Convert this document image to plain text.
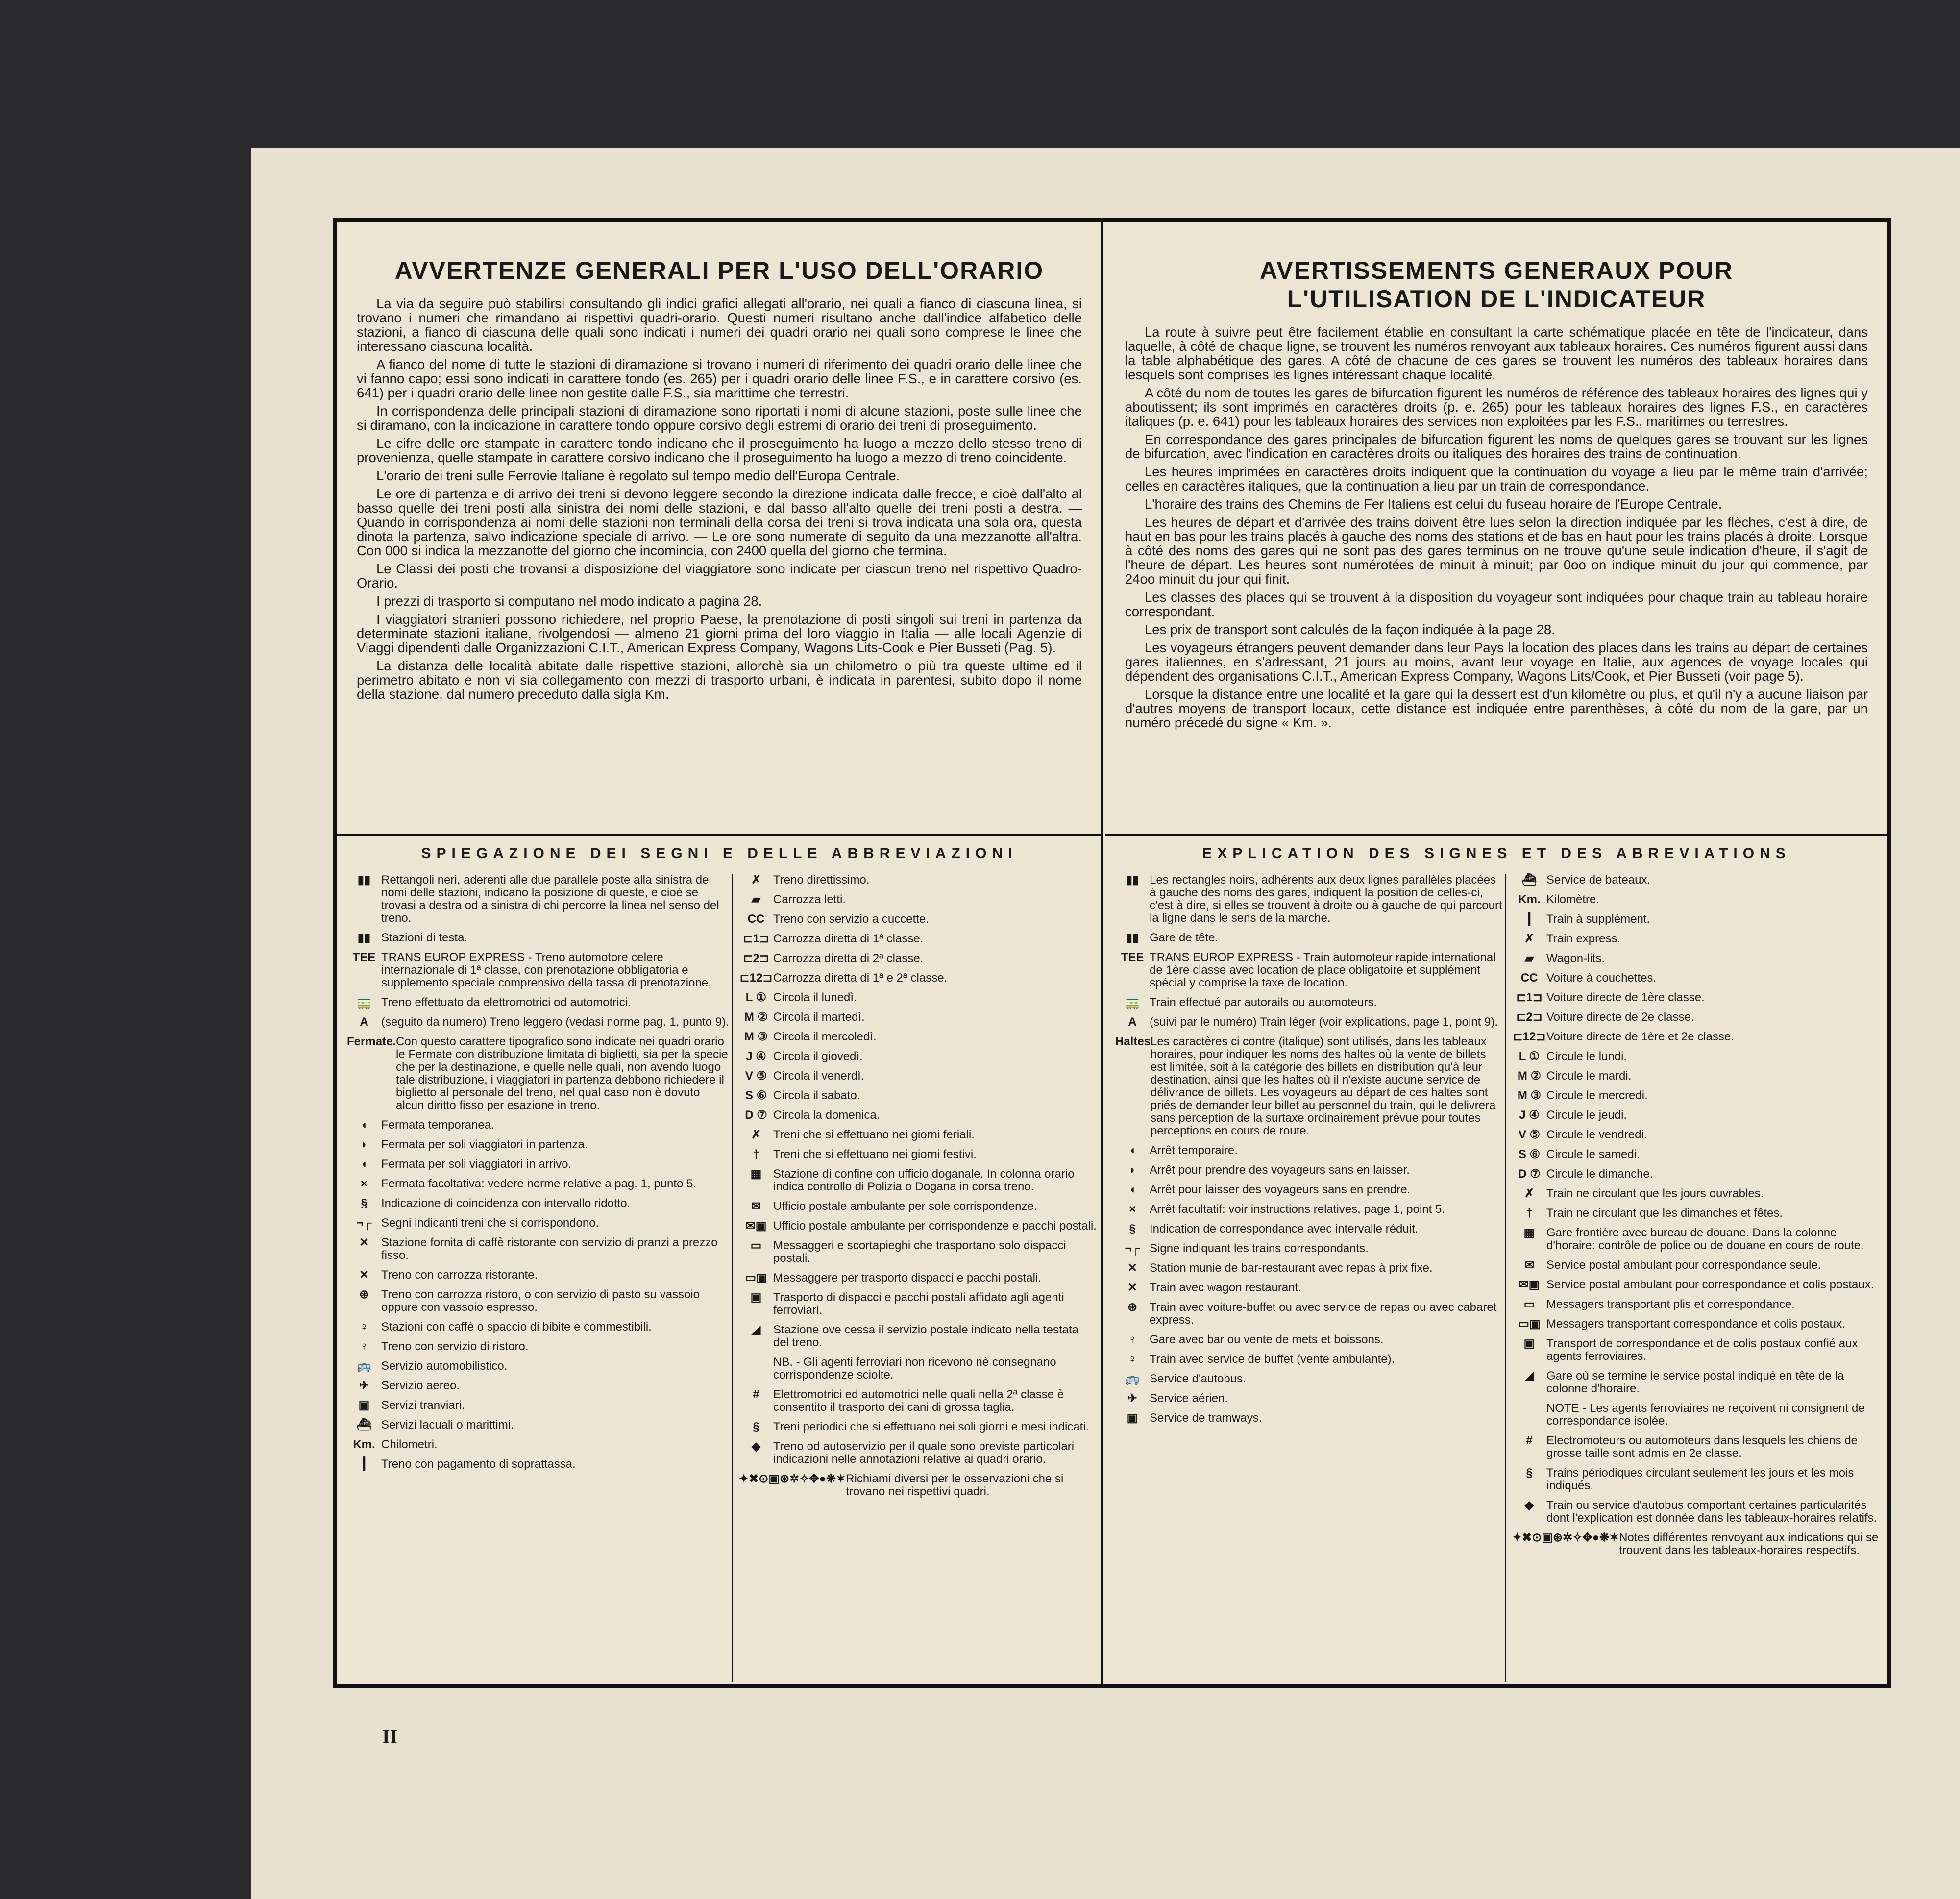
AVVERTENZE GENERALI PER L'USO DELL'ORARIO

La via da seguire può stabilirsi consultando gli indici grafici allegati all'orario, nei quali a fianco di ciascuna linea, si trovano i numeri che rimandano ai rispettivi quadri-orario. Questi numeri risultano anche dall'indice alfabetico delle stazioni, a fianco di ciascuna delle quali sono indicati i numeri dei quadri orario nei quali sono comprese le linee che interessano ciascuna località.

A fianco del nome di tutte le stazioni di diramazione si trovano i numeri di riferimento dei quadri orario delle linee che vi fanno capo; essi sono indicati in carattere tondo (es. 265) per i quadri orario delle linee F.S., e in carattere corsivo (es. 641) per i quadri orario delle linee non gestite dalle F.S., sia marittime che terrestri.

In corrispondenza delle principali stazioni di diramazione sono riportati i nomi di alcune stazioni, poste sulle linee che si diramano, con la indicazione in carattere tondo oppure corsivo degli estremi di orario dei treni di proseguimento.

Le cifre delle ore stampate in carattere tondo indicano che il proseguimento ha luogo a mezzo dello stesso treno di provenienza, quelle stampate in carattere corsivo indicano che il proseguimento ha luogo a mezzo di treno coincidente.

L'orario dei treni sulle Ferrovie Italiane è regolato sul tempo medio dell'Europa Centrale.

Le ore di partenza e di arrivo dei treni si devono leggere secondo la direzione indicata dalle frecce, e cioè dall'alto al basso quelle dei treni posti alla sinistra dei nomi delle stazioni, e dal basso all'alto quelle dei treni posti a destra. — Quando in corrispondenza ai nomi delle stazioni non terminali della corsa dei treni si trova indicata una sola ora, questa dinota la partenza, salvo indicazione speciale di arrivo. — Le ore sono numerate di seguito da una mezzanotte all'altra. Con 000 si indica la mezzanotte del giorno che incomincia, con 2400 quella del giorno che termina.

Le Classi dei posti che trovansi a disposizione del viaggiatore sono indicate per ciascun treno nel rispettivo Quadro-Orario.

I prezzi di trasporto si computano nel modo indicato a pagina 28.

I viaggiatori stranieri possono richiedere, nel proprio Paese, la prenotazione di posti singoli sui treni in partenza da determinate stazioni italiane, rivolgendosi — almeno 21 giorni prima del loro viaggio in Italia — alle locali Agenzie di Viaggi dipendenti dalle Organizzazioni C.I.T., American Express Company, Wagons Lits-Cook e Pier Busseti (Pag. 5).

La distanza delle località abitate dalle rispettive stazioni, allorchè sia un chilometro o più tra queste ultime ed il perimetro abitato e non vi sia collegamento con mezzi di trasporto urbani, è indicata in parentesi, subito dopo il nome della stazione, dal numero preceduto dalla sigla Km.

SPIEGAZIONE DEI SEGNI E DELLE ABBREVIAZIONI
▮▮ Rettangoli neri, aderenti alle due parallele poste alla sinistra dei nomi delle stazioni, indicano la posizione di queste, e cioè se trovasi a destra od a sinistra di chi percorre la linea nel senso del treno.
▮▮ Stazioni di testa.
TEE TRANS EUROP EXPRESS - Treno automotore celere internazionale di 1ª classe, con prenotazione obbligatoria e supplemento speciale comprensivo della tassa di prenotazione.
🚃 Treno effettuato da elettromotrici od automotrici.
A	(seguito da numero) Treno leggero (vedasi norme pag. 1, punto 9).
Fermate. Con questo carattere tipografico sono indicate nei quadri orario le Fermate con distribuzione limitata di biglietti, sia per la specie che per la destinazione, e quelle nelle quali, non avendo luogo tale distribuzione, i viaggiatori in partenza debbono richiedere il biglietto al personale del treno, nel qual caso non è dovuto alcun diritto fisso per esazione in treno.
◖	Fermata temporanea.
◗	Fermata per soli viaggiatori in partenza.
◖	Fermata per soli viaggiatori in arrivo.
×	Fermata facoltativa: vedere norme relative a pag. 1, punto 5.
§	Indicazione di coincidenza con intervallo ridotto.
¬┌ Segni indicanti treni che si corrispondono.
✕	Stazione fornita di caffè ristorante con servizio di pranzi a prezzo fisso.
✕	Treno con carrozza ristorante.
⊛	Treno con carrozza ristoro, o con servizio di pasto su vassoio oppure con vassoio espresso.
♀	Stazioni con caffè o spaccio di bibite e commestibili.
♀	Treno con servizio di ristoro.
🚌 Servizio automobilistico.
✈	Servizio aereo.
▣ Servizi tranviari.
⛴ Servizi lacuali o marittimi.
Km. Chilometri.
┃	Treno con pagamento di soprattassa.
✗	Treno direttissimo.
▰	Carrozza letti.
CC Treno con servizio a cuccette.
⊏1⊐ Carrozza diretta di 1ª classe.
⊏2⊐ Carrozza diretta di 2ª classe.
⊏12⊐ Carrozza diretta di 1ª e 2ª classe.
L ① Circola il lunedì.
M ② Circola il martedì.
M ③ Circola il mercoledì.
J ④ Circola il giovedì.
V ⑤ Circola il venerdì.
S ⑥ Circola il sabato.
D ⑦ Circola la domenica.
✗	Treni che si effettuano nei giorni feriali.
†	Treni che si effettuano nei giorni festivi.
▦ Stazione di confine con ufficio doganale. In colonna orario indica controllo di Polizia o Dogana in corsa treno.
✉	Ufficio postale ambulante per sole corrispondenze.
✉▣ Ufficio postale ambulante per corrispondenze e pacchi postali.
▭ Messaggeri e scortapieghi che trasportano solo dispacci postali.
▭▣ Messaggere per trasporto dispacci e pacchi postali.
▣ Trasporto di dispacci e pacchi postali affidato agli agenti ferroviari.
◢	Stazione ove cessa il servizio postale indicato nella testata del treno.
NB. - Gli agenti ferroviari non ricevono nè consegnano corrispondenze sciolte.
#	Elettromotrici ed automotrici nelle quali nella 2ª classe è consentito il trasporto dei cani di grossa taglia.
§	Treni periodici che si effettuano nei soli giorni e mesi indicati.
◆	Treno od autoservizio per il quale sono previste particolari indicazioni nelle annotazioni relative ai quadri orario.
✦✖⊙▣⊛✲✧✥●❋✶ Richiami diversi per le osservazioni che si trovano nei rispettivi quadri.
AVERTISSEMENTS GENERAUX POUR L'UTILISATION DE L'INDICATEUR

La route à suivre peut être facilement établie en consultant la carte schématique placée en tête de l'indicateur, dans laquelle, à côté de chaque ligne, se trouvent les numéros renvoyant aux tableaux horaires. Ces numéros figurent aussi dans la table alphabétique des gares. A côté de chacune de ces gares se trouvent les numéros des tableaux horaires dans lesquels sont comprises les lignes intéressant chaque localité.

A côté du nom de toutes les gares de bifurcation figurent les numéros de référence des tableaux horaires des lignes qui y aboutissent; ils sont imprimés en caractères droits (p. e. 265) pour les tableaux horaires des lignes F.S., en caractères italiques (p. e. 641) pour les tableaux horaires des services non exploitées par les F.S., maritimes ou terrestres.

En correspondance des gares principales de bifurcation figurent les noms de quelques gares se trouvant sur les lignes de bifurcation, avec l'indication en caractères droits ou italiques des horaires des trains de continuation.

Les heures imprimées en caractères droits indiquent que la continuation du voyage a lieu par le même train d'arrivée; celles en caractères italiques, que la continuation a lieu par un train de correspondance.

L'horaire des trains des Chemins de Fer Italiens est celui du fuseau horaire de l'Europe Centrale.

Les heures de départ et d'arrivée des trains doivent être lues selon la direction indiquée par les flèches, c'est à dire, de haut en bas pour les trains placés à gauche des noms des stations et de bas en haut pour les trains placés à droite. Lorsque à côté des noms des gares qui ne sont pas des gares terminus on ne trouve qu'une seule indication d'heure, il s'agit de l'heure de départ. Les heures sont numérotées de minuit à minuit; par 0oo on indique minuit du jour qui commence, par 24oo minuit du jour qui finit.

Les classes des places qui se trouvent à la disposition du voyageur sont indiquées pour chaque train au tableau horaire correspondant.

Les prix de transport sont calculés de la façon indiquée à la page 28.

Les voyageurs étrangers peuvent demander dans leur Pays la location des places dans les trains au départ de certaines gares italiennes, en s'adressant, 21 jours au moins, avant leur voyage en Italie, aux agences de voyage locales qui dépendent des organisations C.I.T., American Express Company, Wagons Lits/Cook, et Pier Busseti (voir page 5).

Lorsque la distance entre une localité et la gare qui la dessert est d'un kilomètre ou plus, et qu'il n'y a aucune liaison par d'autres moyens de transport locaux, cette distance est indiquée entre parenthèses, à côté du nom de la gare, par un numéro précedé du signe « Km. ».

EXPLICATION DES SIGNES ET DES ABREVIATIONS
▮▮ Les rectangles noirs, adhérents aux deux lignes parallèles placées à gauche des noms des gares, indiquent la position de celles-ci, c'est à dire, si elles se trouvent à droite ou à gauche de qui parcourt la ligne dans le sens de la marche.
▮▮ Gare de tête.
TEE TRANS EUROP EXPRESS - Train automoteur rapide international de 1ère classe avec location de place obligatoire et supplément spécial y comprise la taxe de location.
🚃 Train effectué par autorails ou automoteurs.
A	(suivi par le numéro) Train léger (voir explications, page 1, point 9).
Haltes Les caractères ci contre (italique) sont utilisés, dans les tableaux horaires, pour indiquer les noms des haltes où la vente de billets est limitée, soit à la catégorie des billets en distribution qu'à leur destination, ainsi que les haltes où il n'existe aucune service de délivrance de billets. Les voyageurs au départ de ces haltes sont priés de demander leur billet au personnel du train, qui le delivrera sans perception de la surtaxe ordinairement prévue pour toutes perceptions en cours de route.
◖	Arrêt temporaire.
◗	Arrêt pour prendre des voyageurs sans en laisser.
◖	Arrêt pour laisser des voyageurs sans en prendre.
×	Arrêt facultatif: voir instructions relatives, page 1, point 5.
§	Indication de correspondance avec intervalle réduit.
¬┌ Signe indiquant les trains correspondants.
✕	Station munie de bar-restaurant avec repas à prix fixe.
✕	Train avec wagon restaurant.
⊛	Train avec voiture-buffet ou avec service de repas ou avec cabaret express.
♀	Gare avec bar ou vente de mets et boissons.
♀	Train avec service de buffet (vente ambulante).
🚌 Service d'autobus.
✈	Service aérien.
▣ Service de tramways.
⛴ Service de bateaux.
Km. Kilomètre.
┃	Train à supplément.
✗	Train express.
▰	Wagon-lits.
CC Voiture à couchettes.
⊏1⊐ Voiture directe de 1ère classe.
⊏2⊐ Voiture directe de 2e classe.
⊏12⊐ Voiture directe de 1ère et 2e classe.
L ① Circule le lundi.
M ② Circule le mardi.
M ③ Circule le mercredi.
J ④ Circule le jeudi.
V ⑤ Circule le vendredi.
S ⑥ Circule le samedi.
D ⑦ Circule le dimanche.
✗	Train ne circulant que les jours ouvrables.
†	Train ne circulant que les dimanches et fêtes.
▦ Gare frontière avec bureau de douane. Dans la colonne d'horaire: contrôle de police ou de douane en cours de route.
✉	Service postal ambulant pour correspondance seule.
✉▣ Service postal ambulant pour correspondance et colis postaux.
▭ Messagers transportant plis et correspondance.
▭▣ Messagers transportant correspondance et colis postaux.
▣ Transport de correspondance et de colis postaux confié aux agents ferroviaires.
◢	Gare où se termine le service postal indiqué en tête de la colonne d'horaire.
NOTE - Les agents ferroviaires ne reçoivent ni consignent de correspondance isolée.
#	Electromoteurs ou automoteurs dans lesquels les chiens de grosse taille sont admis en 2e classe.
§	Trains périodiques circulant seulement les jours et les mois indiqués.
◆	Train ou service d'autobus comportant certaines particularités dont l'explication est donnée dans les tableaux-horaires relatifs.
✦✖⊙▣⊛✲✧✥●❋✶ Notes différentes renvoyant aux indications qui se trouvent dans les tableaux-horaires respectifs.
II
